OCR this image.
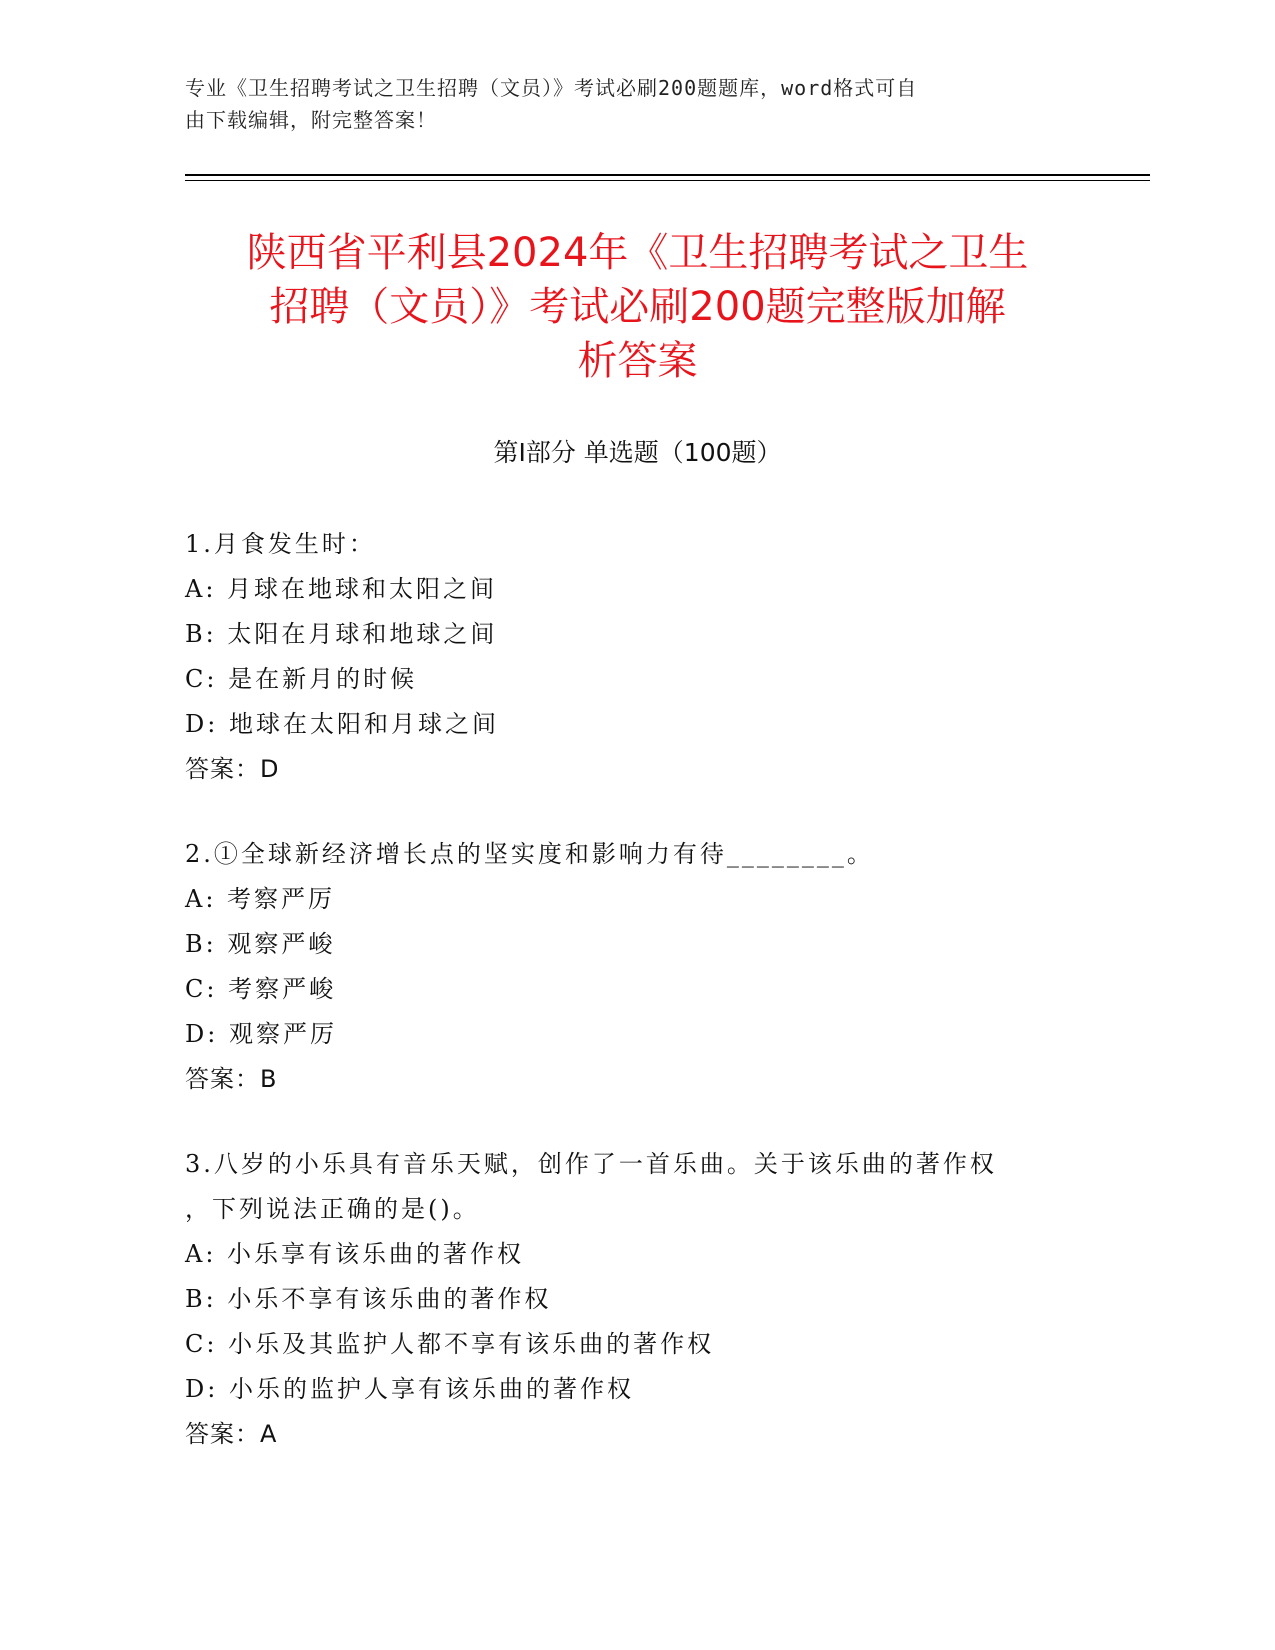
专业《卫生招聘考试之卫生招聘（文员）》考试必刷200题题库，word格式可自
由下载编辑，附完整答案！
陕西省平利县2024年《卫生招聘考试之卫生
招聘（文员）》考试必刷200题完整版加解
析答案
第Ⅰ部分 单选题（100题）
1.月食发生时：
A: 月球在地球和太阳之间
B: 太阳在月球和地球之间
C: 是在新月的时候
D: 地球在太阳和月球之间
答案：D
2.①全球新经济增长点的坚实度和影响力有待________。
A: 考察严厉
B: 观察严峻
C: 考察严峻
D: 观察严厉
答案：B
3.八岁的小乐具有音乐天赋，创作了一首乐曲。关于该乐曲的著作权
，下列说法正确的是()。
A: 小乐享有该乐曲的著作权
B: 小乐不享有该乐曲的著作权
C: 小乐及其监护人都不享有该乐曲的著作权
D: 小乐的监护人享有该乐曲的著作权
答案：A
